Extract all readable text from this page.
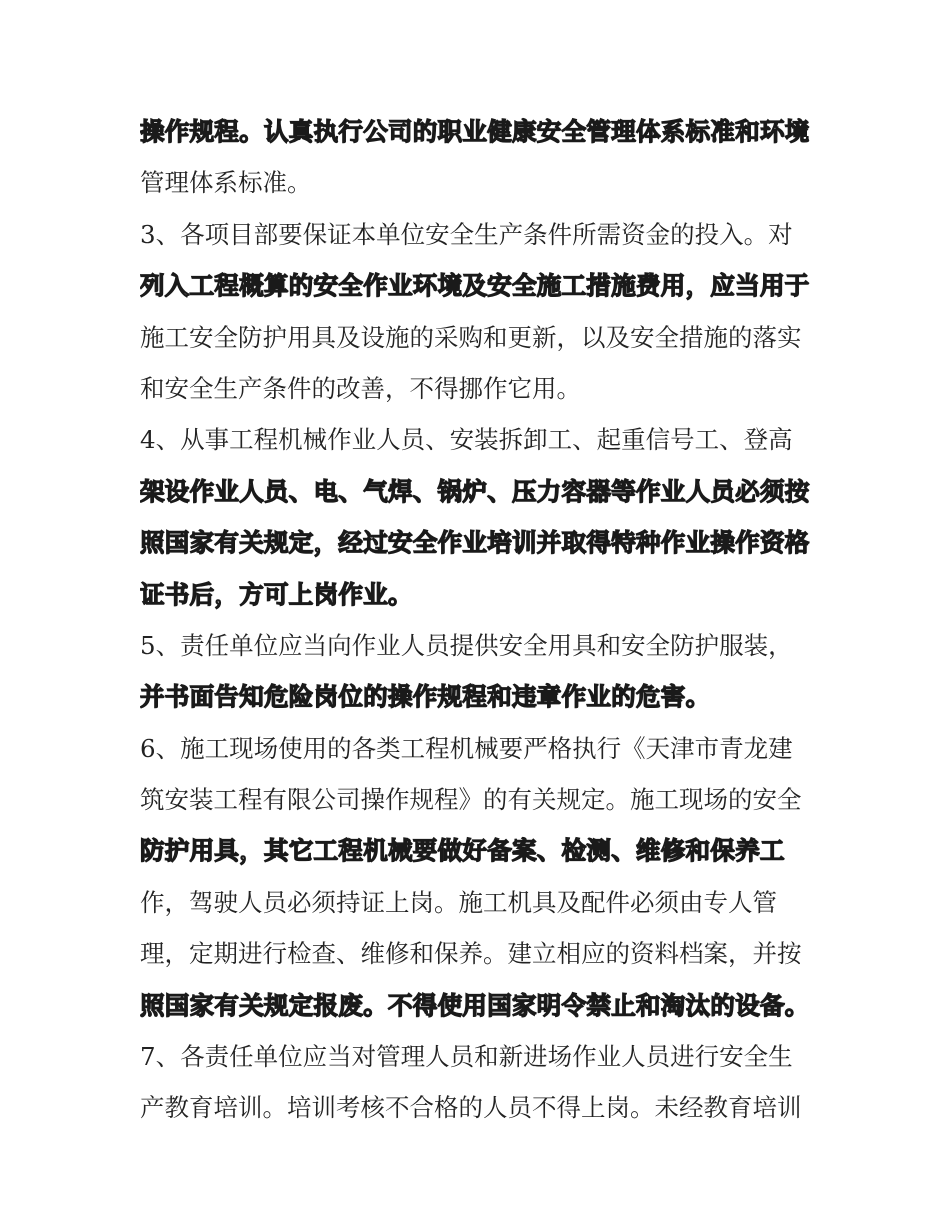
操作规程。认真执行公司的职业健康安全管理体系标准和环境
管理体系标准。
3、各项目部要保证本单位安全生产条件所需资金的投入。对
列入工程概算的安全作业环境及安全施工措施费用，应当用于
施工安全防护用具及设施的采购和更新，以及安全措施的落实
和安全生产条件的改善，不得挪作它用。
4、从事工程机械作业人员、安装拆卸工、起重信号工、登高
架设作业人员、电、气焊、锅炉、压力容器等作业人员必须按
照国家有关规定，经过安全作业培训并取得特种作业操作资格
证书后，方可上岗作业。
5、责任单位应当向作业人员提供安全用具和安全防护服装，
并书面告知危险岗位的操作规程和违章作业的危害。
6、施工现场使用的各类工程机械要严格执行《天津市青龙建
筑安装工程有限公司操作规程》的有关规定。施工现场的安全
防护用具，其它工程机械要做好备案、检测、维修和保养工
作，驾驶人员必须持证上岗。施工机具及配件必须由专人管
理，定期进行检查、维修和保养。建立相应的资料档案，并按
照国家有关规定报废。不得使用国家明令禁止和淘汰的设备。
7、各责任单位应当对管理人员和新进场作业人员进行安全生
产教育培训。培训考核不合格的人员不得上岗。未经教育培训
